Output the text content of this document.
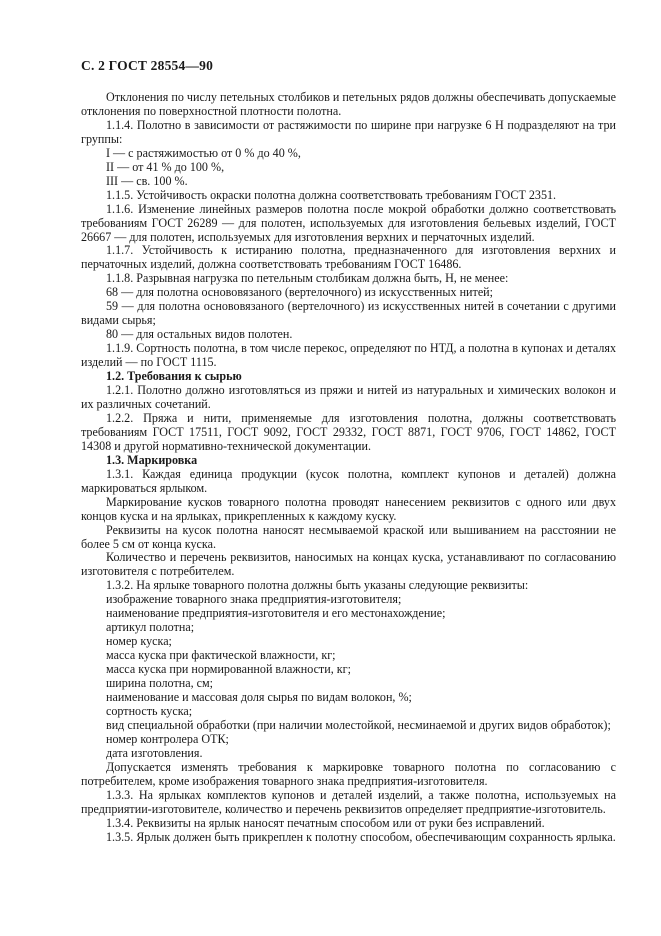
С. 2 ГОСТ 28554—90

Отклонения по числу петельных столбиков и петельных рядов должны обеспечивать допускаемые отклонения по поверхностной плотности полотна.

1.1.4. Полотно в зависимости от растяжимости по ширине при нагрузке 6 Н подразделяют на три группы:

I — с растяжимостью от 0 % до 40 %,

II — от 41 % до 100 %,

III — св. 100 %.

1.1.5. Устойчивость окраски полотна должна соответствовать требованиям ГОСТ 2351.

1.1.6. Изменение линейных размеров полотна после мокрой обработки должно соответствовать требованиям ГОСТ 26289 — для полотен, используемых для изготовления бельевых изделий, ГОСТ 26667 — для полотен, используемых для изготовления верхних и перчаточных изделий.

1.1.7. Устойчивость к истиранию полотна, предназначенного для изготовления верхних и перчаточных изделий, должна соответствовать требованиям ГОСТ 16486.

1.1.8. Разрывная нагрузка по петельным столбикам должна быть, Н, не менее:

68 — для полотна основовязаного (вертелочного) из искусственных нитей;

59 — для полотна основовязаного (вертелочного) из искусственных нитей в сочетании с другими видами сырья;

80 — для остальных видов полотен.

1.1.9. Сортность полотна, в том числе перекос, определяют по НТД, а полотна в купонах и деталях изделий — по ГОСТ 1115.

1.2. Требования к сырью

1.2.1. Полотно должно изготовляться из пряжи и нитей из натуральных и химических волокон и их различных сочетаний.

1.2.2. Пряжа и нити, применяемые для изготовления полотна, должны соответствовать требованиям ГОСТ 17511, ГОСТ 9092, ГОСТ 29332, ГОСТ 8871, ГОСТ 9706, ГОСТ 14862, ГОСТ 14308 и другой нормативно-технической документации.

1.3. Маркировка

1.3.1. Каждая единица продукции (кусок полотна, комплект купонов и деталей) должна маркироваться ярлыком.

Маркирование кусков товарного полотна проводят нанесением реквизитов с одного или двух концов куска и на ярлыках, прикрепленных к каждому куску.

Реквизиты на кусок полотна наносят несмываемой краской или вышиванием на расстоянии не более 5 см от конца куска.

Количество и перечень реквизитов, наносимых на концах куска, устанавливают по согласованию изготовителя с потребителем.

1.3.2. На ярлыке товарного полотна должны быть указаны следующие реквизиты:

изображение товарного знака предприятия-изготовителя;

наименование предприятия-изготовителя и его местонахождение;

артикул полотна;

номер куска;

масса куска при фактической влажности, кг;

масса куска при нормированной влажности, кг;

ширина полотна, см;

наименование и массовая доля сырья по видам волокон, %;

сортность куска;

вид специальной обработки (при наличии молестойкой, несминаемой и других видов обработок);

номер контролера ОТК;

дата изготовления.

Допускается изменять требования к маркировке товарного полотна по согласованию с потребителем, кроме изображения товарного знака предприятия-изготовителя.

1.3.3. На ярлыках комплектов купонов и деталей изделий, а также полотна, используемых на предприятии-изготовителе, количество и перечень реквизитов определяет предприятие-изготовитель.

1.3.4. Реквизиты на ярлык наносят печатным способом или от руки без исправлений.

1.3.5. Ярлык должен быть прикреплен к полотну способом, обеспечивающим сохранность ярлыка.
